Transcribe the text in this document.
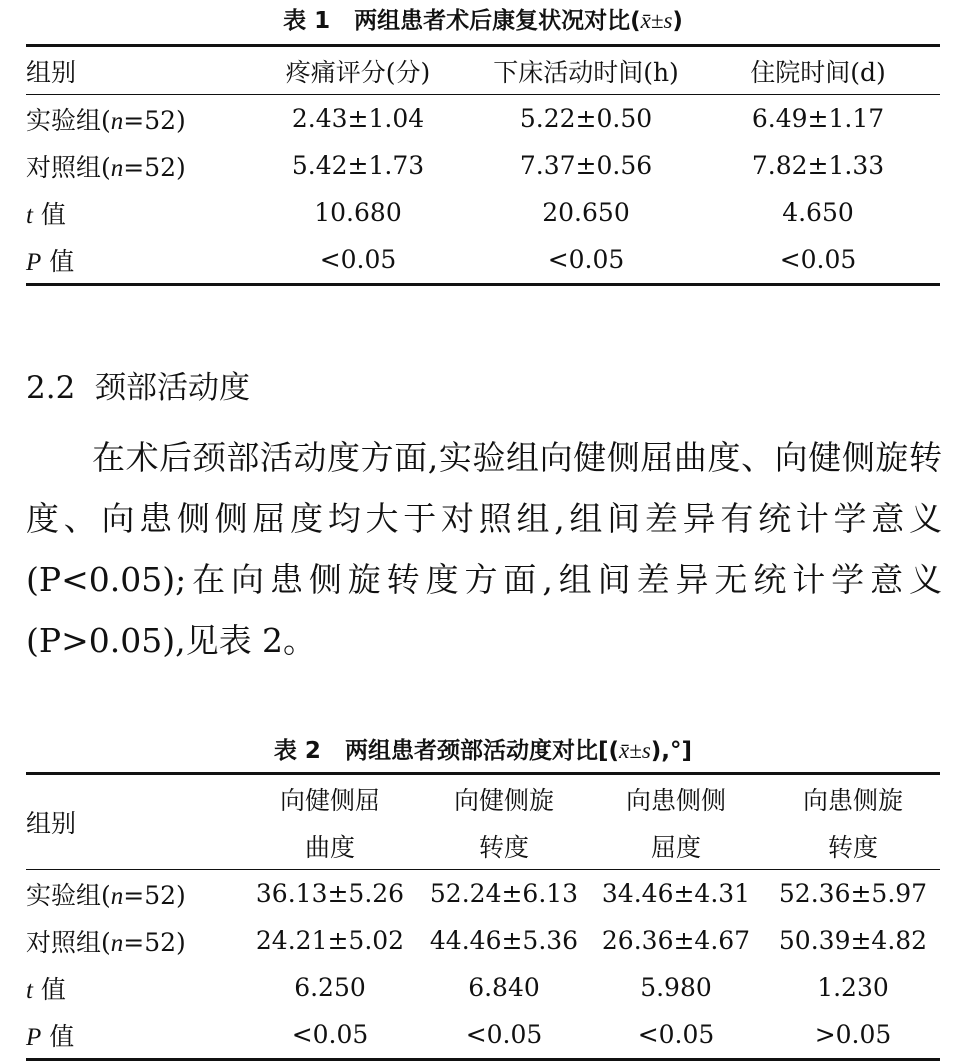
表 1 两组患者术后康复状况对比(x̄±s)
组别	疼痛评分(分)	下床活动时间(h)	住院时间(d)
实验组(n=52)	2.43±1.04	5.22±0.50	6.49±1.17
对照组(n=52)	5.42±1.73	7.37±0.56	7.82±1.33
t 值	10.680	20.650	4.650
P 值	<0.05	<0.05	<0.05
2.2 颈部活动度
在术后颈部活动度方面,实验组向健侧屈曲度、向健侧旋转度、向患侧侧屈度均大于对照组,组间差异有统计学意义(P<0.05);在向患侧旋转度方面,组间差异无统计学意义(P>0.05),见表 2。
表 2 两组患者颈部活动度对比[(x̄±s),°]
组别	向健侧屈	向健侧旋	向患侧侧	向患侧旋
	曲度	转度	屈度	转度
实验组(n=52)	36.13±5.26	52.24±6.13	34.46±4.31	52.36±5.97
对照组(n=52)	24.21±5.02	44.46±5.36	26.36±4.67	50.39±4.82
t 值	6.250	6.840	5.980	1.230
P 值	<0.05	<0.05	<0.05	>0.05
